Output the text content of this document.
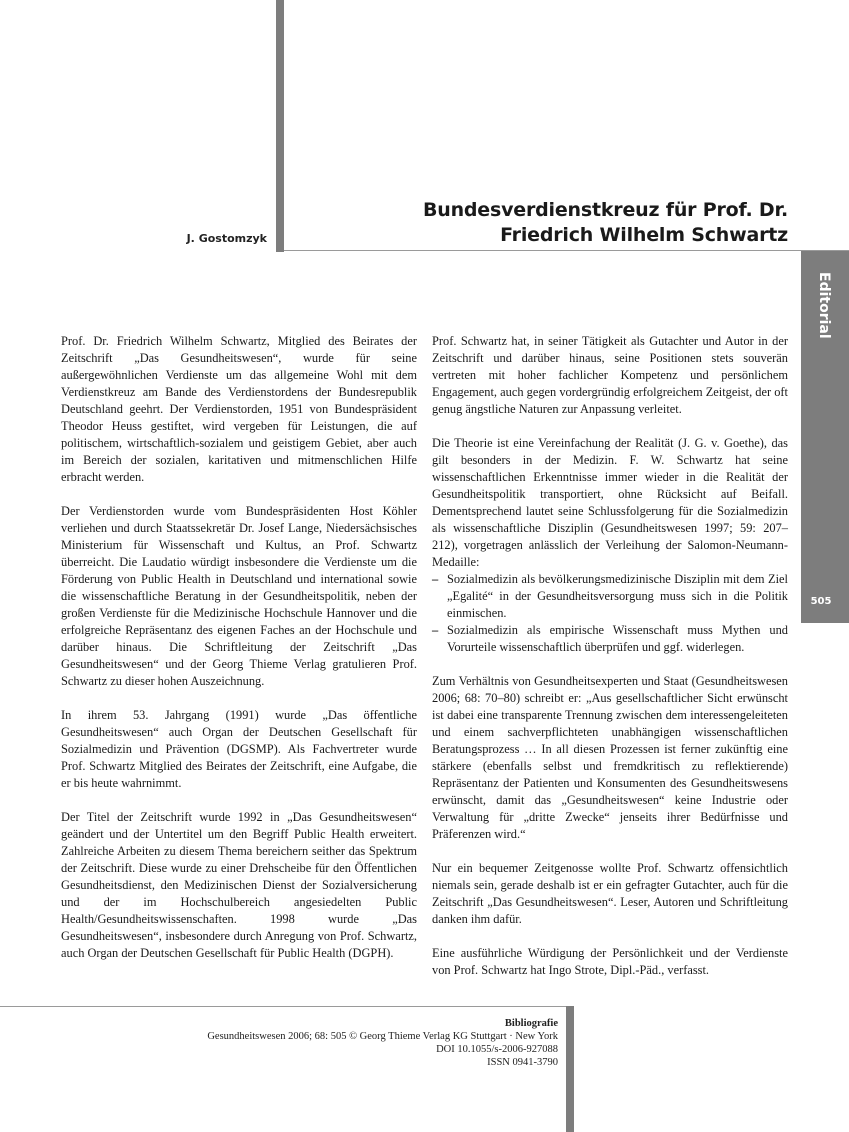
J. Gostomzyk
Bundesverdienstkreuz für Prof. Dr.
Friedrich Wilhelm Schwartz
Editorial
505

Prof. Dr. Friedrich Wilhelm Schwartz, Mitglied des Beirates der Zeitschrift „Das Gesundheitswesen“, wurde für seine außergewöhnlichen Verdienste um das allgemeine Wohl mit dem Verdienstkreuz am Bande des Verdienstordens der Bundesrepublik Deutschland geehrt. Der Verdienstorden, 1951 von Bundespräsident Theodor Heuss gestiftet, wird vergeben für Leistungen, die auf politischem, wirtschaftlich-sozialem und geistigem Gebiet, aber auch im Bereich der sozialen, karitativen und mitmenschlichen Hilfe erbracht werden.

Der Verdienstorden wurde vom Bundespräsidenten Host Köhler verliehen und durch Staatssekretär Dr. Josef Lange, Niedersächsisches Ministerium für Wissenschaft und Kultus, an Prof. Schwartz überreicht. Die Laudatio würdigt insbesondere die Verdienste um die Förderung von Public Health in Deutschland und international sowie die wissenschaftliche Beratung in der Gesundheitspolitik, neben der großen Verdienste für die Medizinische Hochschule Hannover und die erfolgreiche Repräsentanz des eigenen Faches an der Hochschule und darüber hinaus. Die Schriftleitung der Zeitschrift „Das Gesundheitswesen“ und der Georg Thieme Verlag gratulieren Prof. Schwartz zu dieser hohen Auszeichnung.

In ihrem 53. Jahrgang (1991) wurde „Das öffentliche Gesundheitswesen“ auch Organ der Deutschen Gesellschaft für Sozialmedizin und Prävention (DGSMP). Als Fachvertreter wurde Prof. Schwartz Mitglied des Beirates der Zeitschrift, eine Aufgabe, die er bis heute wahrnimmt.

Der Titel der Zeitschrift wurde 1992 in „Das Gesundheitswesen“ geändert und der Untertitel um den Begriff Public Health erweitert. Zahlreiche Arbeiten zu diesem Thema bereichern seither das Spektrum der Zeitschrift. Diese wurde zu einer Drehscheibe für den Öffentlichen Gesundheitsdienst, den Medizinischen Dienst der Sozialversicherung und der im Hochschulbereich angesiedelten Public Health/Gesundheitswissenschaften. 1998 wurde „Das Gesundheitswesen“, insbesondere durch Anregung von Prof. Schwartz, auch Organ der Deutschen Gesellschaft für Public Health (DGPH).

Prof. Schwartz hat, in seiner Tätigkeit als Gutachter und Autor in der Zeitschrift und darüber hinaus, seine Positionen stets souverän vertreten mit hoher fachlicher Kompetenz und persönlichem Engagement, auch gegen vordergründig erfolgreichem Zeitgeist, der oft genug ängstliche Naturen zur Anpassung verleitet.

Die Theorie ist eine Vereinfachung der Realität (J. G. v. Goethe), das gilt besonders in der Medizin. F. W. Schwartz hat seine wissenschaftlichen Erkenntnisse immer wieder in die Realität der Gesundheitspolitik transportiert, ohne Rücksicht auf Beifall. Dementsprechend lautet seine Schlussfolgerung für die Sozialmedizin als wissenschaftliche Disziplin (Gesundheitswesen 1997; 59: 207–212), vorgetragen anlässlich der Verleihung der Salomon-Neumann-Medaille:

– Sozialmedizin als bevölkerungsmedizinische Disziplin mit dem Ziel „Egalité“ in der Gesundheitsversorgung muss sich in die Politik einmischen.
– Sozialmedizin als empirische Wissenschaft muss Mythen und Vorurteile wissenschaftlich überprüfen und ggf. widerlegen.

Zum Verhältnis von Gesundheitsexperten und Staat (Gesundheitswesen 2006; 68: 70–80) schreibt er: „Aus gesellschaftlicher Sicht erwünscht ist dabei eine transparente Trennung zwischen dem interessengeleiteten und einem sachverpflichteten unabhängigen wissenschaftlichen Beratungsprozess … In all diesen Prozessen ist ferner zukünftig eine stärkere (ebenfalls selbst und fremdkritisch zu reflektierende) Repräsentanz der Patienten und Konsumenten des Gesundheitswesens erwünscht, damit das „Gesundheitswesen“ keine Industrie oder Verwaltung für „dritte Zwecke“ jenseits ihrer Bedürfnisse und Präferenzen wird.“

Nur ein bequemer Zeitgenosse wollte Prof. Schwartz offensichtlich niemals sein, gerade deshalb ist er ein gefragter Gutachter, auch für die Zeitschrift „Das Gesundheitswesen“. Leser, Autoren und Schriftleitung danken ihm dafür.

Eine ausführliche Würdigung der Persönlichkeit und der Verdienste von Prof. Schwartz hat Ingo Strote, Dipl.-Päd., verfasst.

Bibliografie
Gesundheitswesen 2006; 68: 505 © Georg Thieme Verlag KG Stuttgart · New York
DOI 10.1055/s-2006-927088
ISSN 0941-3790
